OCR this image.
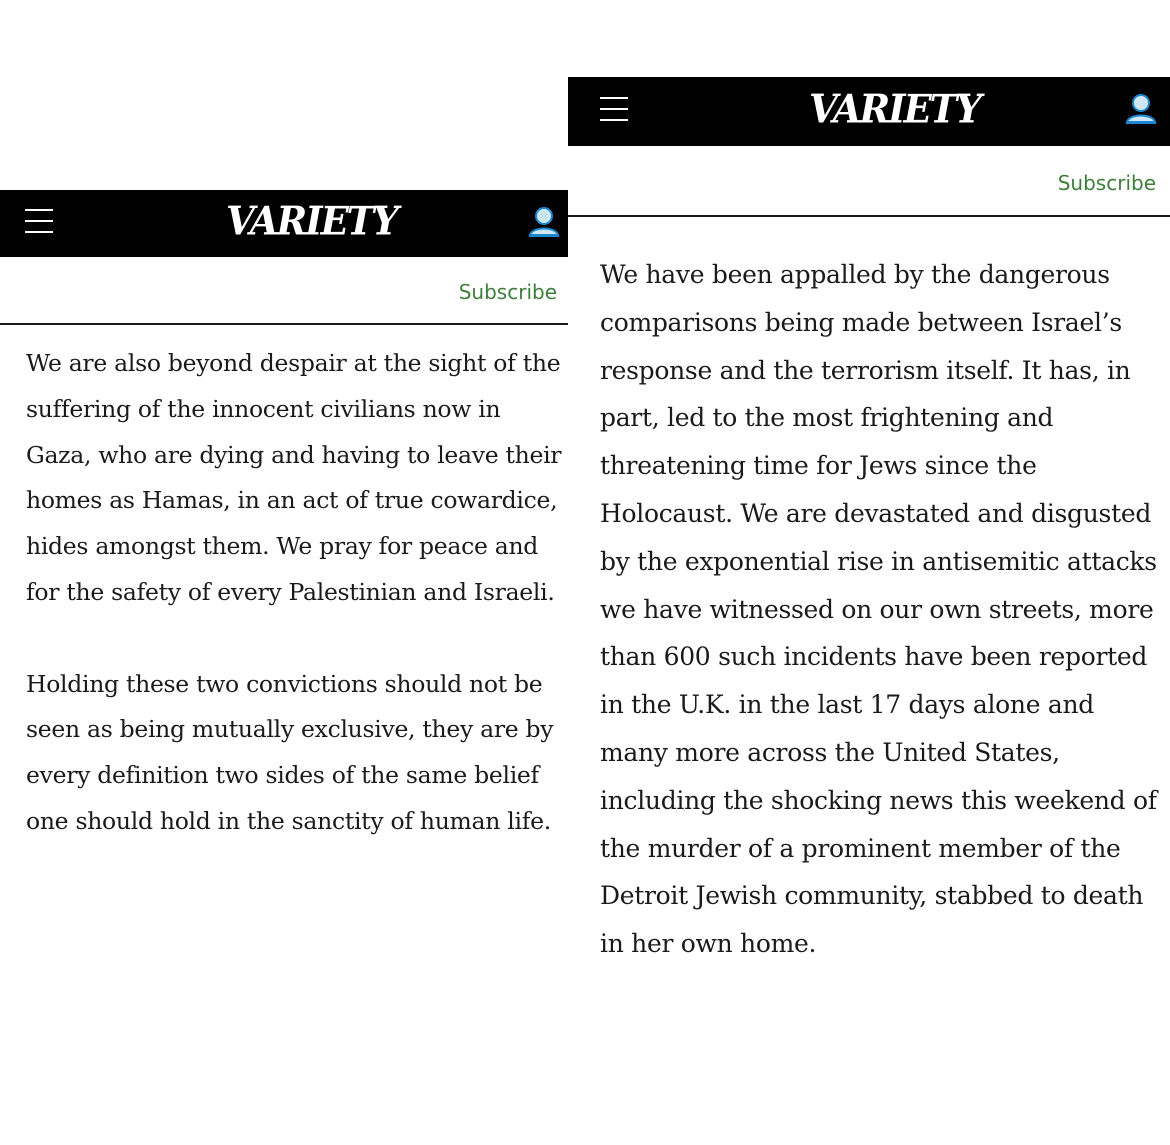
VARIETY
Subscribe

We are also beyond despair at the sight of the suffering of the innocent civilians now in Gaza, who are dying and having to leave their homes as Hamas, in an act of true cowardice, hides amongst them. We pray for peace and for the safety of every Palestinian and Israeli.

Holding these two convictions should not be seen as being mutually exclusive, they are by every definition two sides of the same belief one should hold in the sanctity of human life.

VARIETY
Subscribe

We have been appalled by the dangerous comparisons being made between Israel’s response and the terrorism itself. It has, in part, led to the most frightening and threatening time for Jews since the Holocaust. We are devastated and disgusted by the exponential rise in antisemitic attacks we have witnessed on our own streets, more than 600 such incidents have been reported in the U.K. in the last 17 days alone and many more across the United States, including the shocking news this weekend of the murder of a prominent member of the Detroit Jewish community, stabbed to death in her own home.
